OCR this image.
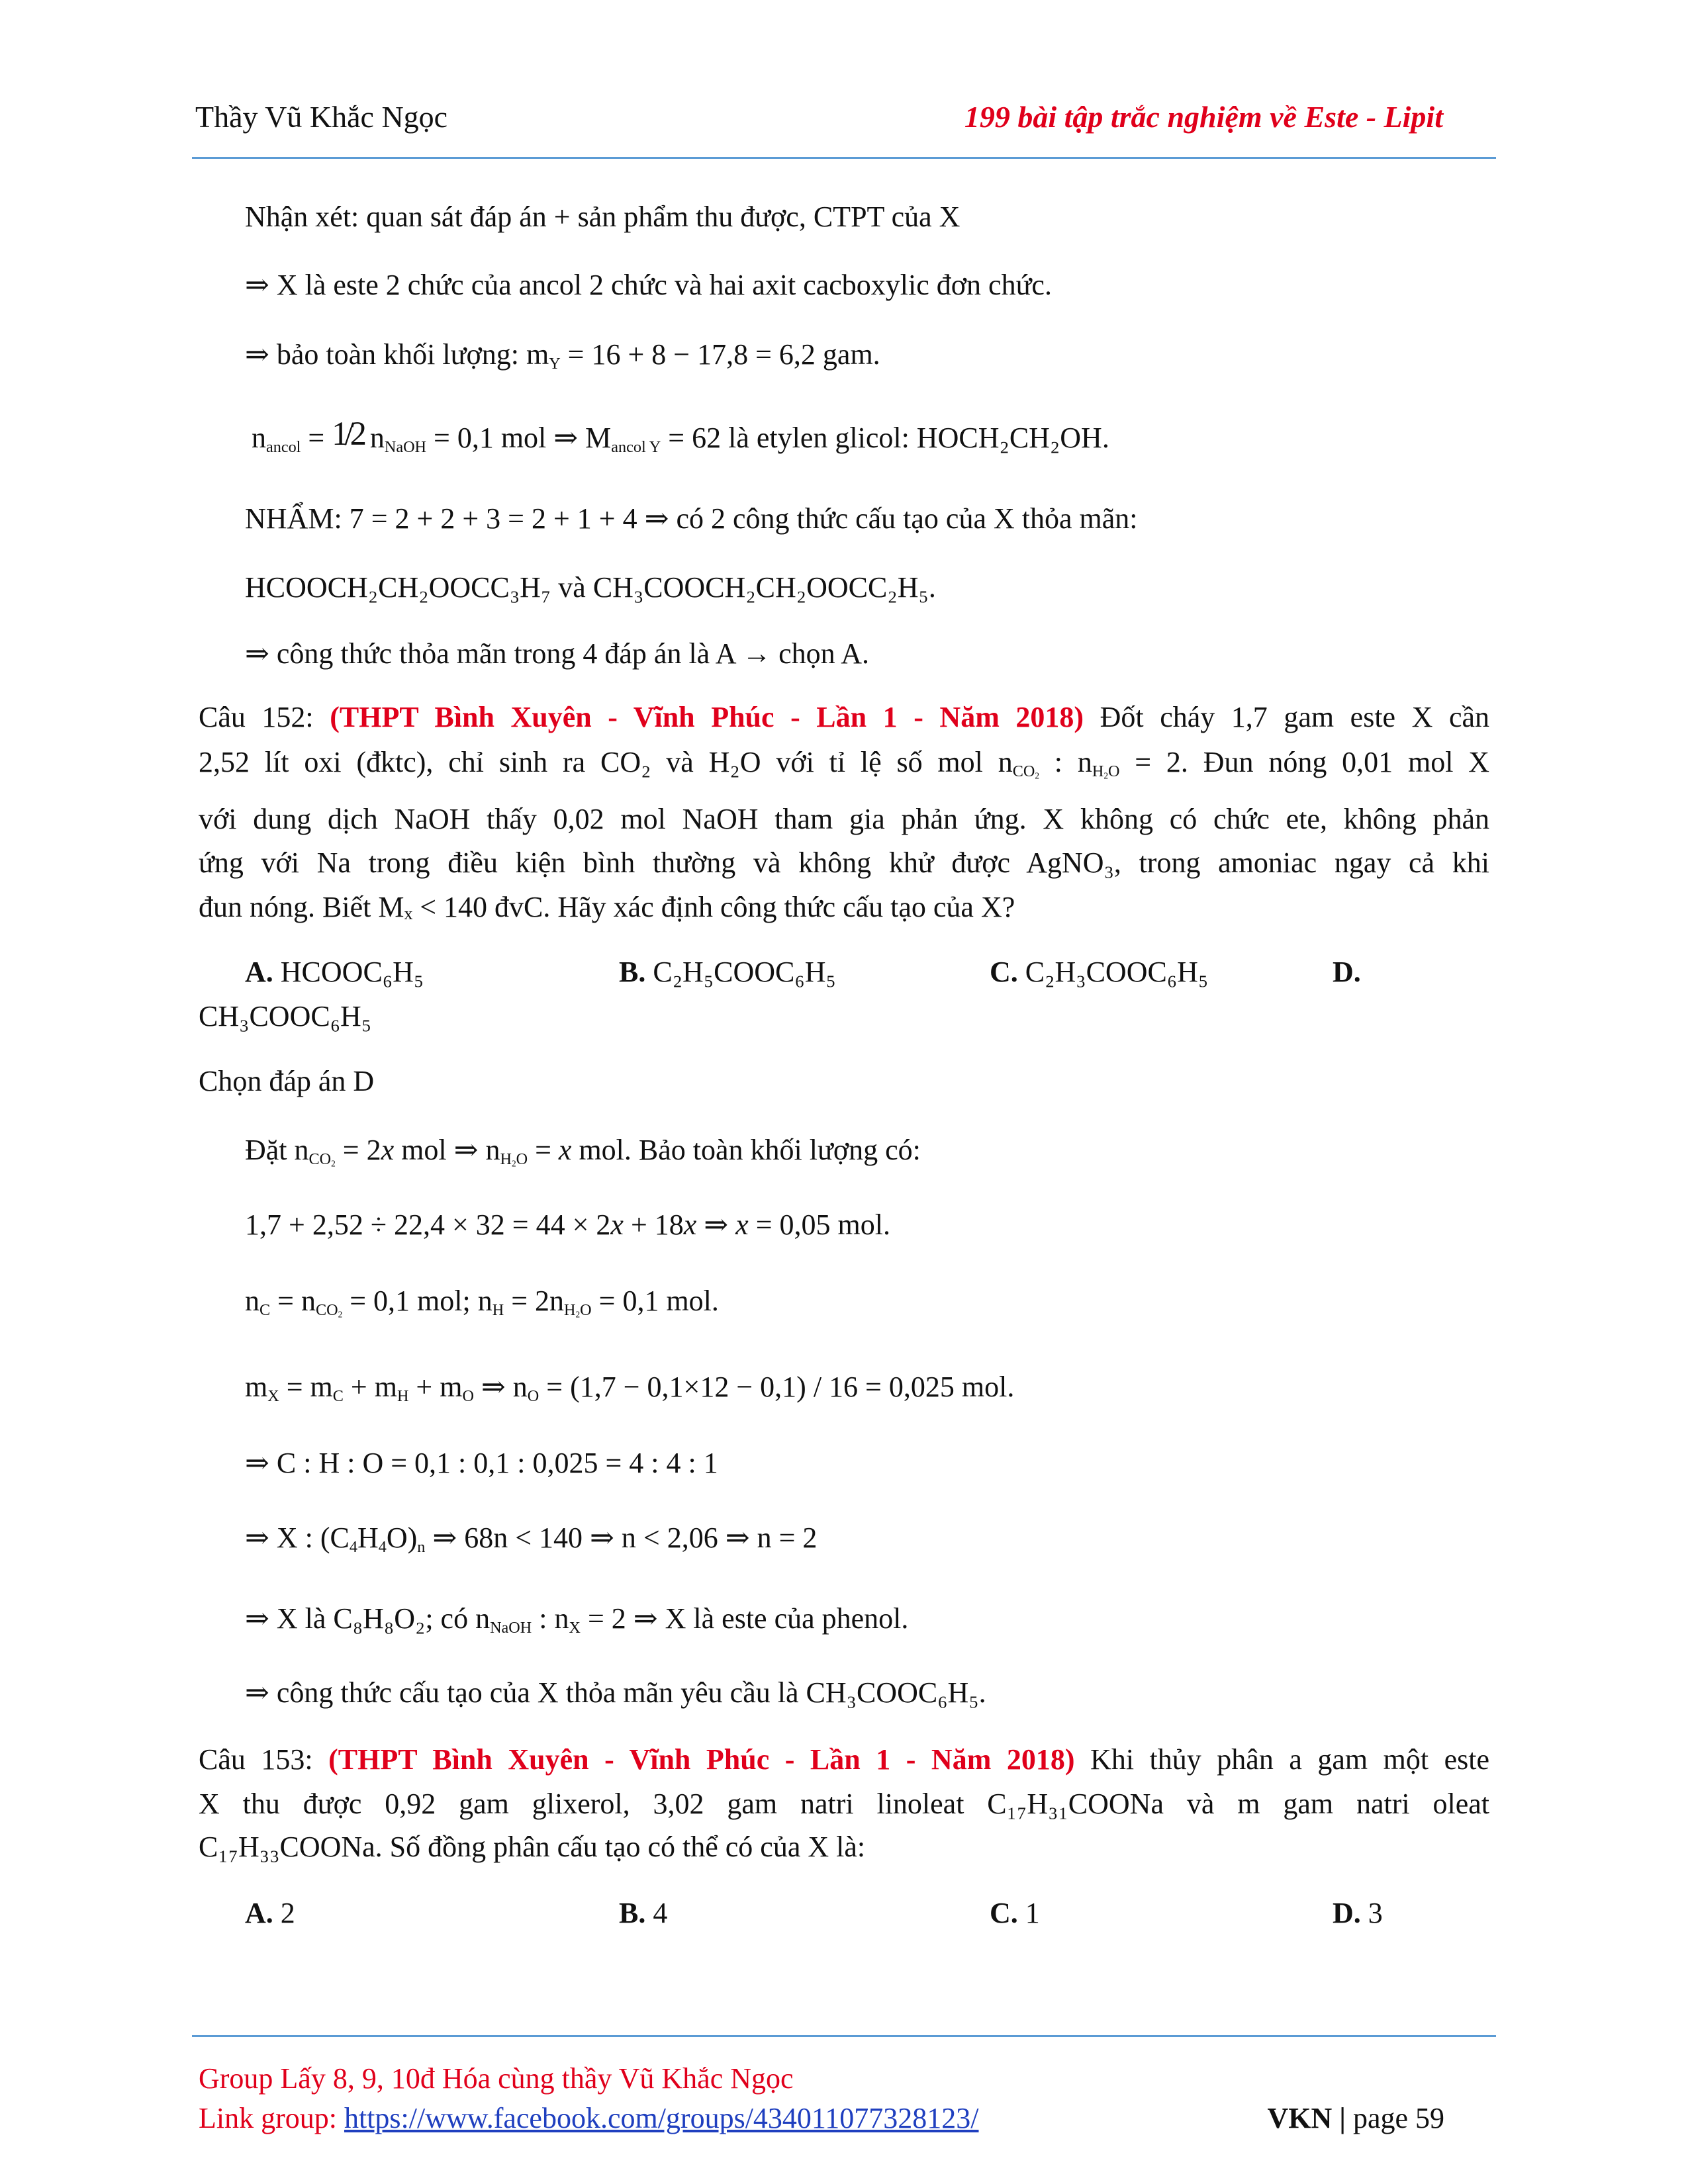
Thầy Vũ Khắc Ngọc	199 bài tập trắc nghiệm về Este - Lipit
Nhận xét: quan sát đáp án + sản phẩm thu được, CTPT của X
⇒ X là este 2 chức của ancol 2 chức và hai axit cacboxylic đơn chức.
⇒ bảo toàn khối lượng: $m_Y = 16 + 8 - 17,8 = 6,2$ gam.
$n_{ancol} = 1/2$ $n_{NaOH} = 0,1$ mol ⇒ $M_{ancol Y} = 62$ là etylen glicol: HOCH₂CH₂OH.
NHẨM: 7 = 2 + 2 + 3 = 2 + 1 + 4 ⇒ có 2 công thức cấu tạo của X thỏa mãn:
HCOOCH₂CH₂OOCC₃H₇ và CH₃COOCH₂CH₂OOCC₂H₅.
⇒ công thức thỏa mãn trong 4 đáp án là A → chọn A.
Câu 152: (THPT Bình Xuyên - Vĩnh Phúc - Lần 1 - Năm 2018) Đốt cháy 1,7 gam este X cần
2,52 lít oxi (đktc), chỉ sinh ra CO₂ và H₂O với tỉ lệ số mol $n_{CO_2}$ : $n_{H_2O} = 2$. Đun nóng 0,01 mol X
với dung dịch NaOH thấy 0,02 mol NaOH tham gia phản ứng. X không có chức ete, không phản
ứng với Na trong điều kiện bình thường và không khử được AgNO₃, trong amoniac ngay cả khi
đun nóng. Biết Mₓ < 140 đvC. Hãy xác định công thức cấu tạo của X?
A. HCOOC₆H₅	B. C₂H₅COOC₆H₅	C. C₂H₃COOC₆H₅	D.
CH₃COOC₆H₅
Chọn đáp án D
Đặt $n_{CO_2} = 2x$ mol ⇒ $n_{H_2O} = x$ mol. Bảo toàn khối lượng có:
1,7 + 2,52 ÷ 22,4 × 32 = 44 × 2x + 18x ⇒ x = 0,05 mol.
$n_C = n_{CO_2} = 0,1$ mol; $n_H = 2n_{H_2O} = 0,1$ mol.
$m_X = m_C + m_H + m_O$ ⇒ $n_O = (1,7 - 0,1\times 12 - 0,1) / 16 = 0,025$ mol.
⇒ C : H : O = 0,1 : 0,1 : 0,025 = 4 : 4 : 1
⇒ X : $(C_4H_4O)_n$ ⇒ 68n < 140 ⇒ n < 2,06 ⇒ n = 2
⇒ X là C₈H₈O₂; có $n_{NaOH}$ : $n_X = 2$ ⇒ X là este của phenol.
⇒ công thức cấu tạo của X thỏa mãn yêu cầu là CH₃COOC₆H₅.
Câu 153: (THPT Bình Xuyên - Vĩnh Phúc - Lần 1 - Năm 2018) Khi thủy phân a gam một este
X thu được 0,92 gam glixerol, 3,02 gam natri linoleat C₁₇H₃₁COONa và m gam natri oleat
C₁₇H₃₃COONa. Số đồng phân cấu tạo có thể có của X là:
A. 2	B. 4	C. 1	D. 3
Group Lấy 8, 9, 10đ Hóa cùng thầy Vũ Khắc Ngọc
Link group: https://www.facebook.com/groups/434011077328123/	VKN | page 59
